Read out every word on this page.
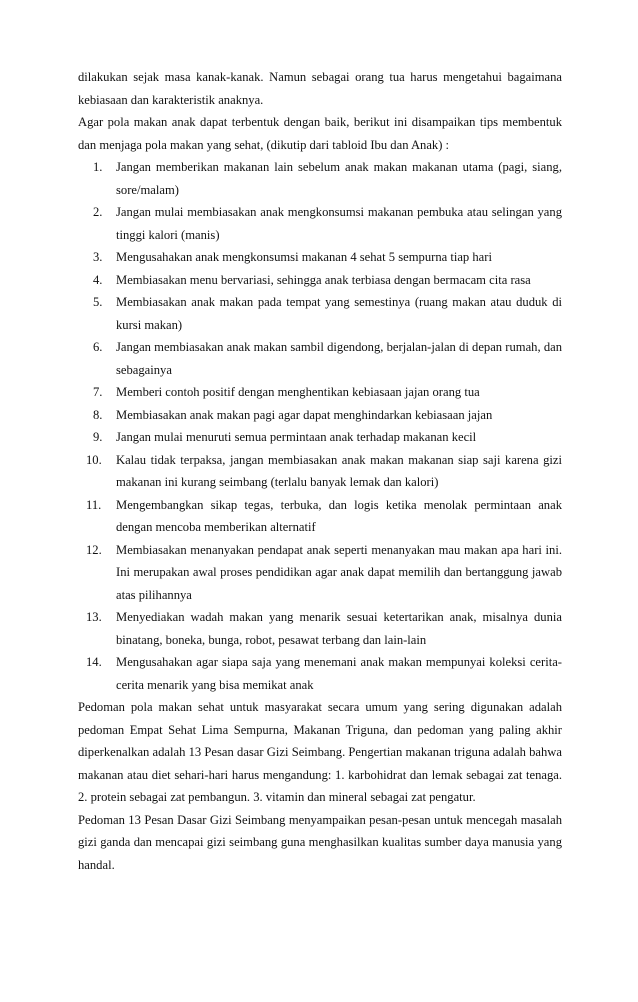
dilakukan sejak masa kanak-kanak. Namun sebagai orang tua harus mengetahui bagaimana kebiasaan dan karakteristik anaknya.

Agar pola makan anak dapat terbentuk dengan baik, berikut ini disampaikan tips membentuk dan menjaga pola makan yang sehat, (dikutip dari tabloid Ibu dan Anak) :

1. Jangan memberikan makanan lain sebelum anak makan makanan utama (pagi, siang, sore/malam)
2. Jangan mulai membiasakan anak mengkonsumsi makanan pembuka atau selingan yang tinggi kalori (manis)
3. Mengusahakan anak mengkonsumsi makanan 4 sehat 5 sempurna tiap hari
4. Membiasakan menu bervariasi, sehingga anak terbiasa dengan bermacam cita rasa
5. Membiasakan anak makan pada tempat yang semestinya (ruang makan atau duduk di kursi makan)
6. Jangan membiasakan anak makan sambil digendong, berjalan-jalan di depan rumah, dan sebagainya
7. Memberi contoh positif dengan menghentikan kebiasaan jajan orang tua
8. Membiasakan anak makan pagi agar dapat menghindarkan kebiasaan jajan
9. Jangan mulai menuruti semua permintaan anak terhadap makanan kecil
10. Kalau tidak terpaksa, jangan membiasakan anak makan makanan siap saji karena gizi makanan ini kurang seimbang (terlalu banyak lemak dan kalori)
11. Mengembangkan sikap tegas, terbuka, dan logis ketika menolak permintaan anak dengan mencoba memberikan alternatif
12. Membiasakan menanyakan pendapat anak seperti menanyakan mau makan apa hari ini. Ini merupakan awal proses pendidikan agar anak dapat memilih dan bertanggung jawab atas pilihannya
13. Menyediakan wadah makan yang menarik sesuai ketertarikan anak, misalnya dunia binatang, boneka, bunga, robot, pesawat terbang dan lain-lain
14. Mengusahakan agar siapa saja yang menemani anak makan mempunyai koleksi cerita-cerita menarik yang bisa memikat anak

Pedoman pola makan sehat untuk masyarakat secara umum yang sering digunakan adalah pedoman Empat Sehat Lima Sempurna, Makanan Triguna, dan pedoman yang paling akhir diperkenalkan adalah 13 Pesan dasar Gizi Seimbang. Pengertian makanan triguna adalah bahwa makanan atau diet sehari-hari harus mengandung: 1. karbohidrat dan lemak sebagai zat tenaga. 2. protein sebagai zat pembangun. 3. vitamin dan mineral sebagai zat pengatur.

Pedoman 13 Pesan Dasar Gizi Seimbang menyampaikan pesan-pesan untuk mencegah masalah gizi ganda dan mencapai gizi seimbang guna menghasilkan kualitas sumber daya manusia yang handal.
